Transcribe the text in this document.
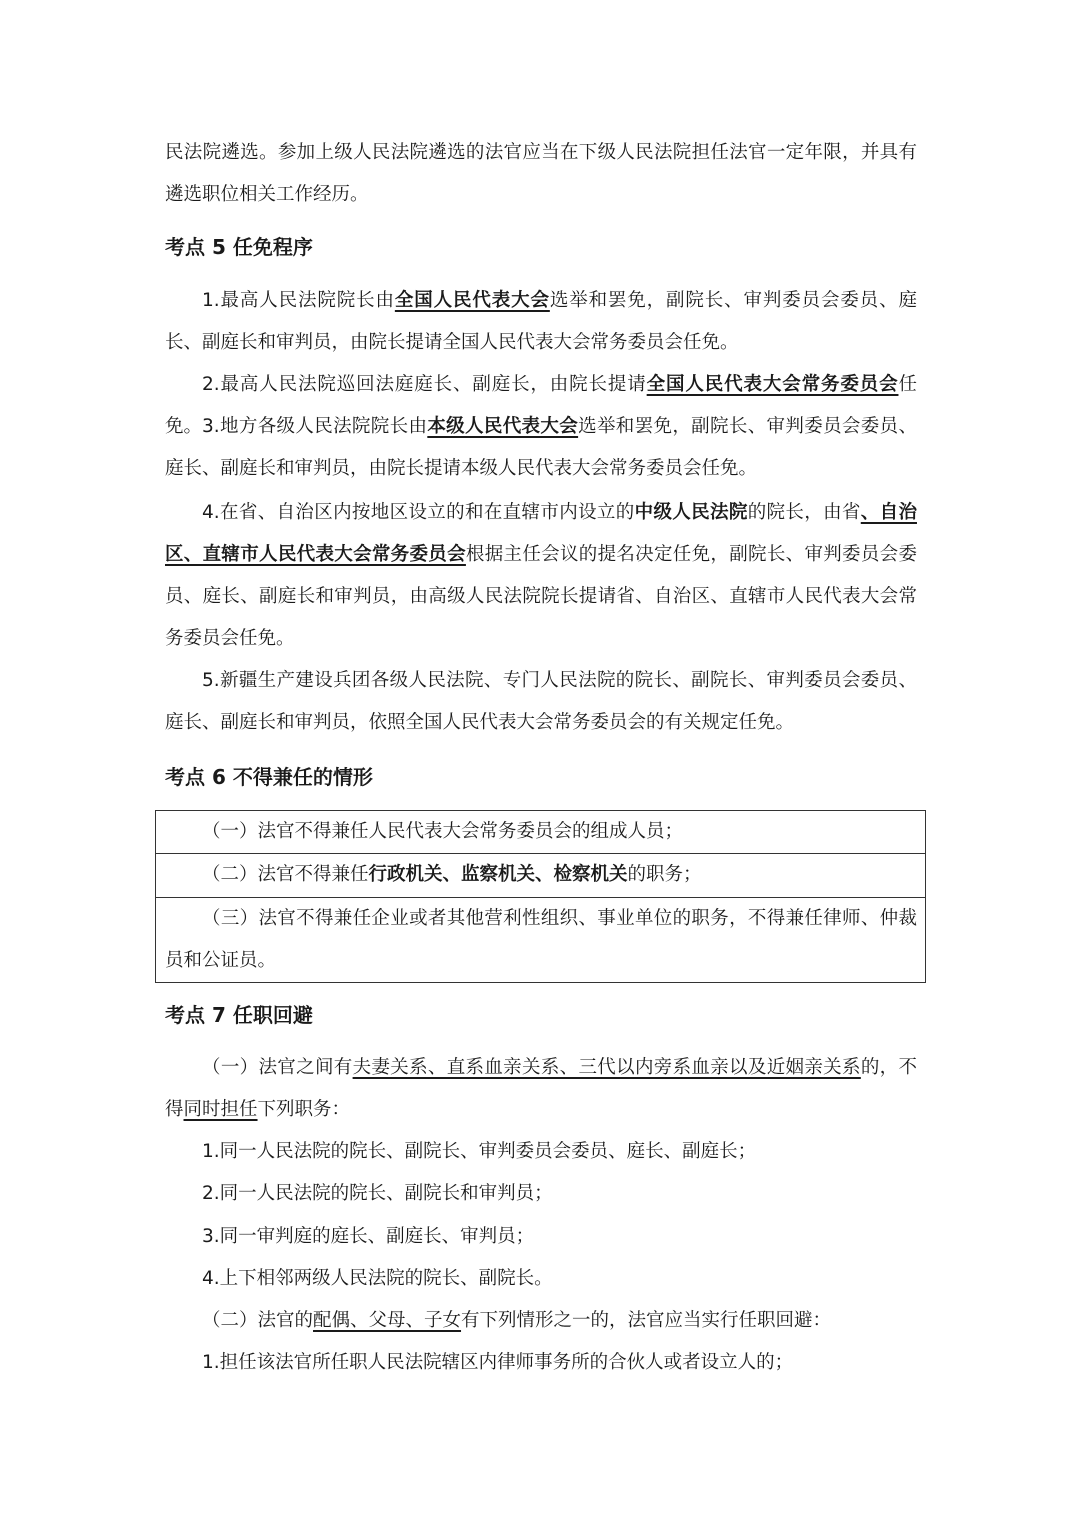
民法院遴选。参加上级人民法院遴选的法官应当在下级人民法院担任法官一定年限，并具有遴选职位相关工作经历。

考点 5 任免程序

1.最高人民法院院长由全国人民代表大会选举和罢免，副院长、审判委员会委员、庭长、副庭长和审判员，由院长提请全国人民代表大会常务委员会任免。

2.最高人民法院巡回法庭庭长、副庭长，由院长提请全国人民代表大会常务委员会任免。 3.地方各级人民法院院长由本级人民代表大会选举和罢免，副院长、审判委员会委员、庭长、副庭长和审判员，由院长提请本级人民代表大会常务委员会任免。

4.在省、自治区内按地区设立的和在直辖市内设立的中级人民法院的院长，由省、自治区、直辖市人民代表大会常务委员会根据主任会议的提名决定任免，副院长、审判委员会委员、庭长、副庭长和审判员，由高级人民法院院长提请省、自治区、直辖市人民代表大会常务委员会任免。

5.新疆生产建设兵团各级人民法院、专门人民法院的院长、副院长、审判委员会委员、庭长、副庭长和审判员，依照全国人民代表大会常务委员会的有关规定任免。

考点 6 不得兼任的情形
（一）法官不得兼任人民代表大会常务委员会的组成人员；
（二）法官不得兼任行政机关、监察机关、检察机关的职务；
（三）法官不得兼任企业或者其他营利性组织、事业单位的职务，不得兼任律师、仲裁员和公证员。
考点 7 任职回避

（一）法官之间有夫妻关系、直系血亲关系、三代以内旁系血亲以及近姻亲关系的，不得同时担任下列职务：

1.同一人民法院的院长、副院长、审判委员会委员、庭长、副庭长；

2.同一人民法院的院长、副院长和审判员；

3.同一审判庭的庭长、副庭长、审判员；

4.上下相邻两级人民法院的院长、副院长。

（二）法官的配偶、父母、子女有下列情形之一的，法官应当实行任职回避：

1.担任该法官所任职人民法院辖区内律师事务所的合伙人或者设立人的；
